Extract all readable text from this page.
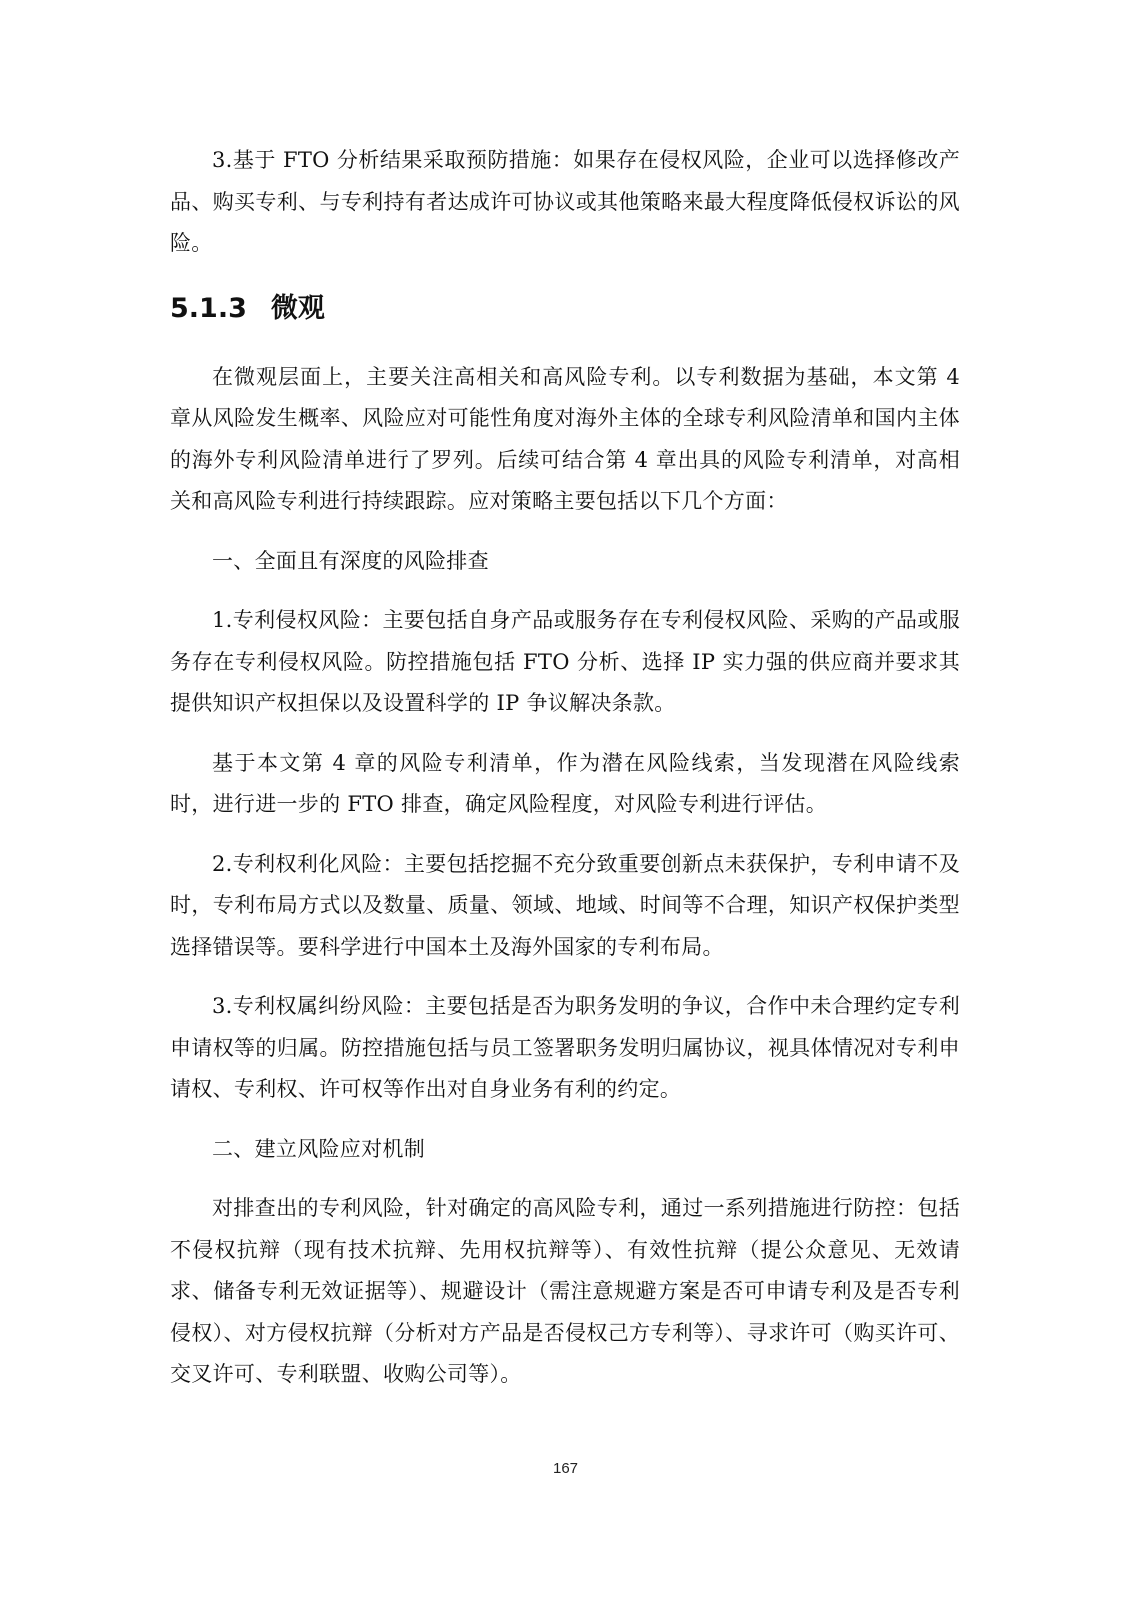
3.基于 FTO 分析结果采取预防措施：如果存在侵权风险，企业可以选择修改产品、购买专利、与专利持有者达成许可协议或其他策略来最大程度降低侵权诉讼的风险。

5.1.3 微观

在微观层面上，主要关注高相关和高风险专利。以专利数据为基础，本文第 4 章从风险发生概率、风险应对可能性角度对海外主体的全球专利风险清单和国内主体的海外专利风险清单进行了罗列。后续可结合第 4 章出具的风险专利清单，对高相关和高风险专利进行持续跟踪。应对策略主要包括以下几个方面：

一、全面且有深度的风险排查

1.专利侵权风险：主要包括自身产品或服务存在专利侵权风险、采购的产品或服务存在专利侵权风险。防控措施包括 FTO 分析、选择 IP 实力强的供应商并要求其提供知识产权担保以及设置科学的 IP 争议解决条款。

基于本文第 4 章的风险专利清单，作为潜在风险线索，当发现潜在风险线索时，进行进一步的 FTO 排查，确定风险程度，对风险专利进行评估。

2.专利权利化风险：主要包括挖掘不充分致重要创新点未获保护，专利申请不及时，专利布局方式以及数量、质量、领域、地域、时间等不合理，知识产权保护类型选择错误等。要科学进行中国本土及海外国家的专利布局。

3.专利权属纠纷风险：主要包括是否为职务发明的争议，合作中未合理约定专利申请权等的归属。防控措施包括与员工签署职务发明归属协议，视具体情况对专利申请权、专利权、许可权等作出对自身业务有利的约定。

二、建立风险应对机制

对排查出的专利风险，针对确定的高风险专利，通过一系列措施进行防控：包括不侵权抗辩（现有技术抗辩、先用权抗辩等）、有效性抗辩（提公众意见、无效请求、储备专利无效证据等）、规避设计（需注意规避方案是否可申请专利及是否专利侵权）、对方侵权抗辩（分析对方产品是否侵权己方专利等）、寻求许可（购买许可、交叉许可、专利联盟、收购公司等）。

167
